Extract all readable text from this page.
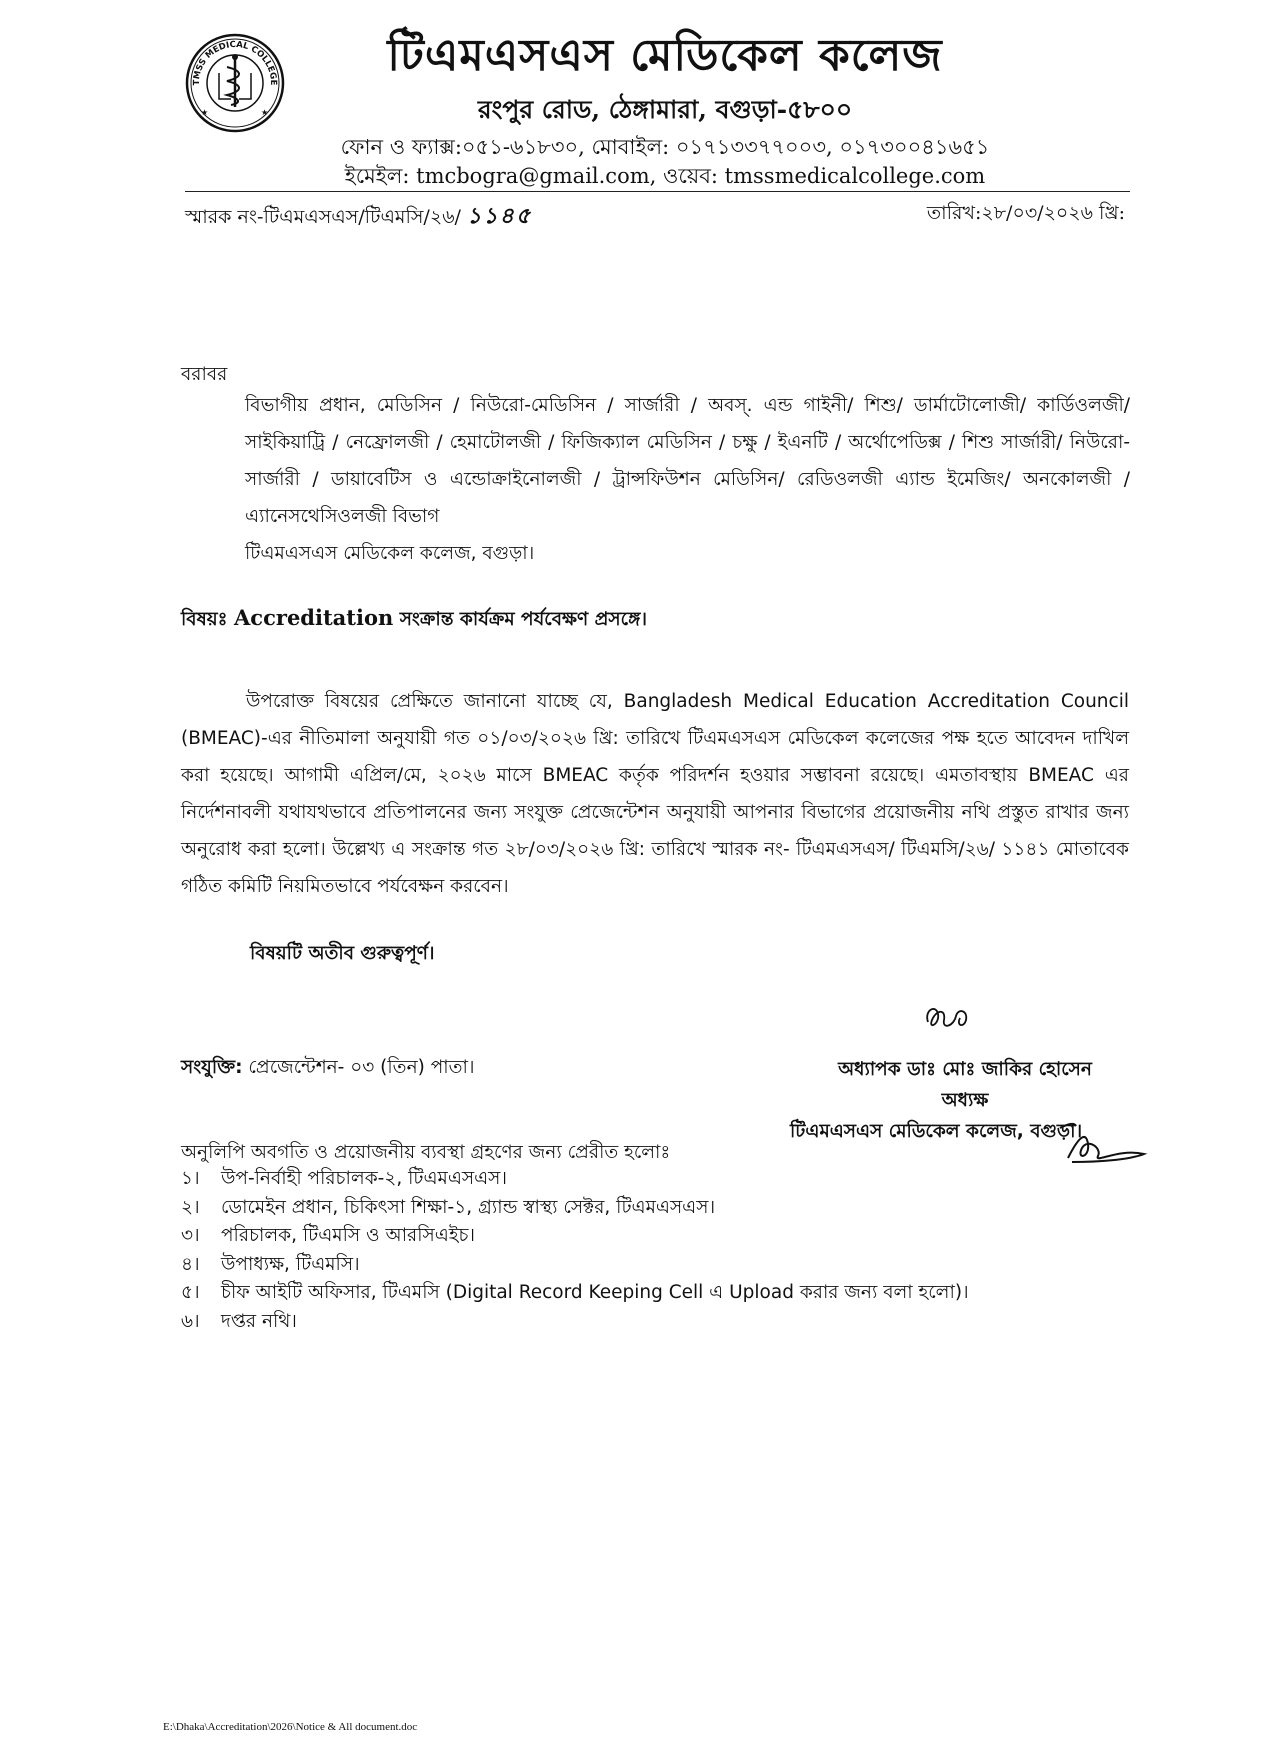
TMSS MEDICAL COLLEGE
★	★
টিএমএসএস মেডিকেল কলেজ
রংপুর রোড, ঠেঙ্গামারা, বগুড়া-৫৮০০
ফোন ও ফ্যাক্স:০৫১-৬১৮৩০, মোবাইল: ০১৭১৩৩৭৭০০৩, ০১৭৩০০৪১৬৫১
ইমেইল: tmcbogra@gmail.com, ওয়েব: tmssmedicalcollege.com
স্মারক নং-টিএমএসএস/টিএমসি/২৬/ ১১৪৫	তারিখ:২৮/০৩/২০২৬ খ্রি:
বরাবর
বিভাগীয় প্রধান, মেডিসিন / নিউরো-মেডিসিন / সার্জারী / অবস্. এন্ড গাইনী/ শিশু/ ডার্মাটোলোজী/ কার্ডিওলজী/ সাইকিয়াট্রি / নেফ্রোলজী / হেমাটোলজী / ফিজিক্যাল মেডিসিন / চক্ষু / ইএনটি / অর্থোপেডিক্স / শিশু সার্জারী/ নিউরো-সার্জারী / ডায়াবেটিস ও এন্ডোক্রাইনোলজী / ট্রান্সফিউশন মেডিসিন/ রেডিওলজী এ্যান্ড ইমেজিং/ অনকোলজী / এ্যানেসথেসিওলজী বিভাগ
টিএমএসএস মেডিকেল কলেজ, বগুড়া।
বিষয়ঃ Accreditation সংক্রান্ত কার্যক্রম পর্যবেক্ষণ প্রসঙ্গে।
উপরোক্ত বিষয়ের প্রেক্ষিতে জানানো যাচ্ছে যে, Bangladesh Medical Education Accreditation Council (BMEAC)-এর নীতিমালা অনুযায়ী গত ০১/০৩/২০২৬ খ্রি: তারিখে টিএমএসএস মেডিকেল কলেজের পক্ষ হতে আবেদন দাখিল করা হয়েছে। আগামী এপ্রিল/মে, ২০২৬ মাসে BMEAC কর্তৃক পরিদর্শন হওয়ার সম্ভাবনা রয়েছে। এমতাবস্থায় BMEAC এর নির্দেশনাবলী যথাযথভাবে প্রতিপালনের জন্য সংযুক্ত প্রেজেন্টেশন অনুযায়ী আপনার বিভাগের প্রয়োজনীয় নথি প্রস্তুত রাখার জন্য অনুরোধ করা হলো। উল্লেখ্য এ সংক্রান্ত গত ২৮/০৩/২০২৬ খ্রি: তারিখে স্মারক নং- টিএমএসএস/ টিএমসি/২৬/ ১১৪১ মোতাবেক গঠিত কমিটি নিয়মিতভাবে পর্যবেক্ষন করবেন।
বিষয়টি অতীব গুরুত্বপূর্ণ।
সংযুক্তি: প্রেজেন্টেশন- ০৩ (তিন) পাতা।	অধ্যাপক ডাঃ মোঃ জাকির হোসেন
অধ্যক্ষ
টিএমএসএস মেডিকেল কলেজ, বগুড়া।
অনুলিপি অবগতি ও প্রয়োজনীয় ব্যবস্থা গ্রহণের জন্য প্রেরীত হলোঃ
১। উপ-নির্বাহী পরিচালক-২, টিএমএসএস।
২। ডোমেইন প্রধান, চিকিৎসা শিক্ষা-১, গ্র্যান্ড স্বাস্থ্য সেক্টর, টিএমএসএস।
৩। পরিচালক, টিএমসি ও আরসিএইচ।
৪। উপাধ্যক্ষ, টিএমসি।
৫। চীফ আইটি অফিসার, টিএমসি (Digital Record Keeping Cell এ Upload করার জন্য বলা হলো)।
৬। দপ্তর নথি।
E:\Dhaka\Accreditation\2026\Notice & All document.doc
